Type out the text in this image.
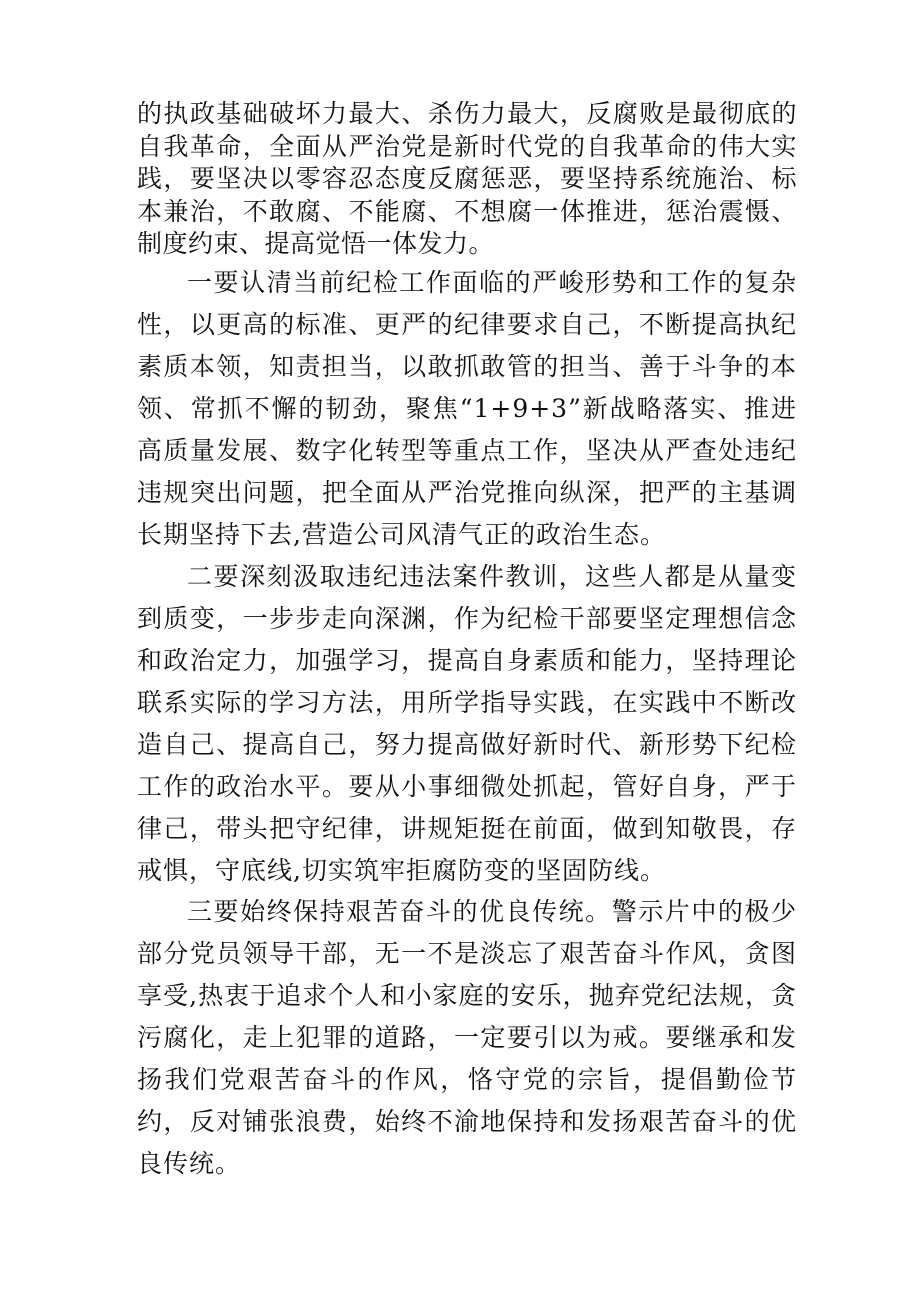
的执政基础破坏力最大、杀伤力最大，反腐败是最彻底的自我革命，全面从严治党是新时代党的自我革命的伟大实践，要坚决以零容忍态度反腐惩恶，要坚持系统施治、标本兼治，不敢腐、不能腐、不想腐一体推进，惩治震慑、制度约束、提高觉悟一体发力。

一要认清当前纪检工作面临的严峻形势和工作的复杂性，以更高的标准、更严的纪律要求自己，不断提高执纪素质本领，知责担当，以敢抓敢管的担当、善于斗争的本领、常抓不懈的韧劲，聚焦“1+9+3”新战略落实、推进高质量发展、数字化转型等重点工作，坚决从严查处违纪违规突出问题，把全面从严治党推向纵深，把严的主基调长期坚持下去,营造公司风清气正的政治生态。

二要深刻汲取违纪违法案件教训，这些人都是从量变到质变，一步步走向深渊，作为纪检干部要坚定理想信念和政治定力，加强学习，提高自身素质和能力，坚持理论联系实际的学习方法，用所学指导实践，在实践中不断改造自己、提高自己，努力提高做好新时代、新形势下纪检工作的政治水平。要从小事细微处抓起，管好自身，严于律己，带头把守纪律，讲规矩挺在前面，做到知敬畏，存戒惧，守底线,切实筑牢拒腐防变的坚固防线。

三要始终保持艰苦奋斗的优良传统。警示片中的极少部分党员领导干部，无一不是淡忘了艰苦奋斗作风，贪图享受,热衷于追求个人和小家庭的安乐，抛弃党纪法规，贪污腐化，走上犯罪的道路，一定要引以为戒。要继承和发扬我们党艰苦奋斗的作风，恪守党的宗旨，提倡勤俭节约，反对铺张浪费，始终不渝地保持和发扬艰苦奋斗的优良传统。
